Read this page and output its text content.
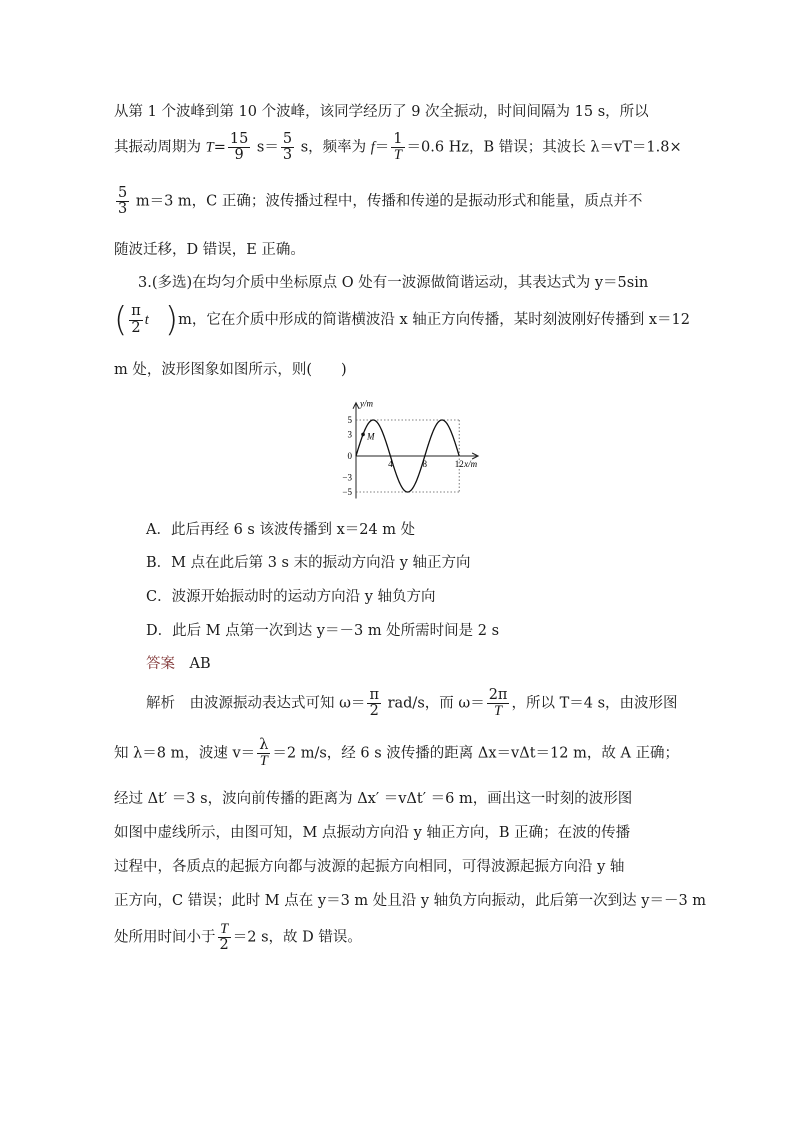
从第 1 个波峰到第 10 个波峰，该同学经历了 9 次全振动，时间间隔为 15 s，所以
其振动周期为 $T= \frac{15}{9} s= \frac{5}{3}$ s，频率为 $f= \frac{1}{T} =0.6$ Hz，B 错误；其波长 λ＝vT＝1.8×
$\frac{5}{3} m=3$ m，C 正确；波传播过程中，传播和传递的是振动形式和能量，质点并不
随波迁移，D 错误，E 正确。
3.(多选)在均匀介质中坐标原点 O 处有一波源做简谐运动，其表达式为 y＝5sin
( $\frac{\pi}{2}$ t )m，它在介质中形成的简谐横波沿 x 轴正方向传播，某时刻波刚好传播到 x＝12
m 处，波形图象如图所示，则(　　)
M
5
3
0
−3
−5
4	8	12
y/m
x/m
A．此后再经 6 s 该波传播到 x＝24 m 处
B．M 点在此后第 3 s 末的振动方向沿 y 轴正方向
C．波源开始振动时的运动方向沿 y 轴负方向
D．此后 M 点第一次到达 y＝－3 m 处所需时间是 2 s
答案  AB
解析  由波源振动表达式可知 $\omega= \frac{\pi}{2} rad/s$，而 $\omega= \frac{2\pi}{T}$ ，所以 T＝4 s，由波形图
知 λ＝8 m，波速 $v= \frac{\lambda}{T} =2$ m/s，经 6 s 波传播的距离 Δx＝vΔt＝12 m，故 A 正确；
经过 Δt′ ＝3 s，波向前传播的距离为 Δx′ ＝vΔt′ ＝6 m，画出这一时刻的波形图
如图中虚线所示，由图可知，M 点振动方向沿 y 轴正方向，B 正确；在波的传播
过程中，各质点的起振方向都与波源的起振方向相同，可得波源起振方向沿 y 轴
正方向，C 错误；此时 M 点在 y＝3 m 处且沿 y 轴负方向振动，此后第一次到达 y＝－3 m
处所用时间小于 $\frac{T}{2} =2$ s，故 D 错误。
